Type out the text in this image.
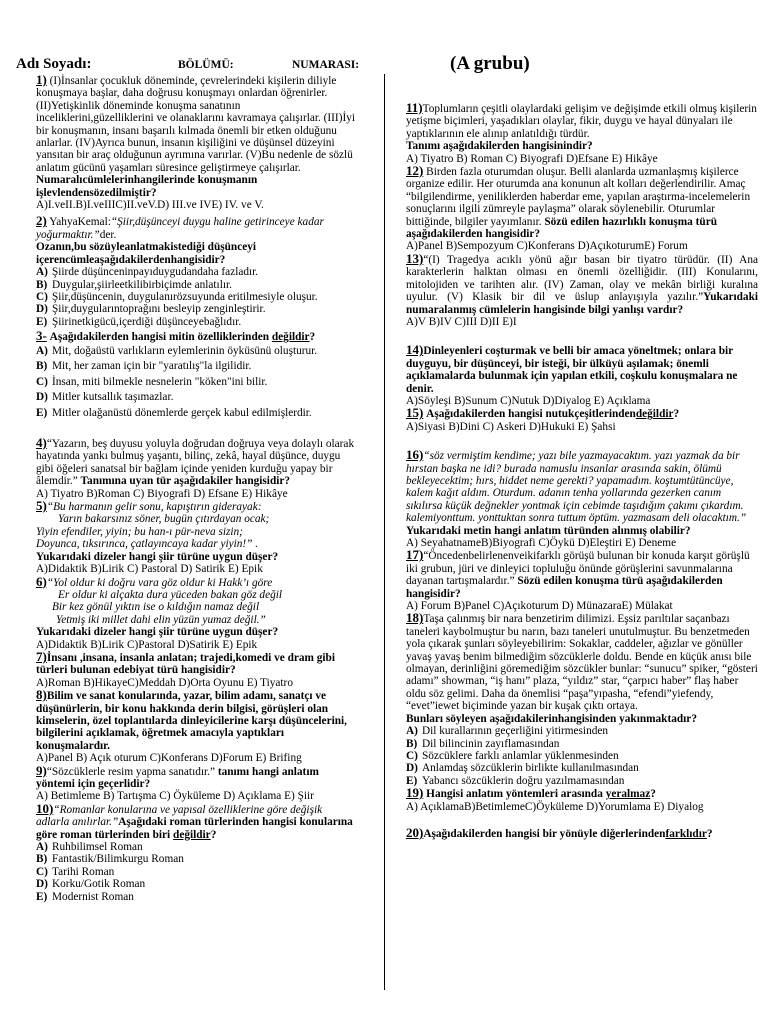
Adı Soyadı:	BÖLÜMÜ:	NUMARASI:	(A grubu)

1) (I)İnsanlar çocukluk döneminde, çevrelerindeki kişilerin diliyle konuşmaya başlar, daha doğrusu konuşmayı onlardan öğrenirler. (II)Yetişkinlik döneminde konuşma sanatının inceliklerini,güzelliklerini ve olanaklarını kavramaya çalışırlar. (III)İyi bir konuşmanın, insanı başarılı kılmada önemli bir etken olduğunu anlarlar. (IV)Ayrıca bunun, insanın kişiliğini ve düşünsel düzeyini yansıtan bir araç olduğunun ayrımına varırlar. (V)Bu nedenle de sözlü anlatım gücünü yaşamları süresince geliştirmeye çalışırlar.

Numaralıcümlelerinhangilerinde konuşmanın işlevlendensözedilmiştir?

A)I.veII.B)I.veIIIC)II.veV.D) III.ve IVE) IV. ve V.

2) YahyaKemal:“Şiir,düşünceyi duygu haline getirinceye kadar yoğurmaktır.”der.

Ozanın,bu sözüyleanlatmakistediği düşünceyi içerencümleaşağıdakilerdenhangisidir?

A) Şiirde düşünceninpayıduygudandaha fazladır.
B) Duygular,şiirleetkilibirbiçimde anlatılır.
C) Şiir,düşüncenin, duygulanırözsuyunda eritilmesiyle oluşur.
D) Şiir,duygularıntoprağını besleyip zenginleştirir.
E) Şiirinetkigücü,içerdiği düşünceyebağlıdır.

3- Aşağıdakilerden hangisi mitin özelliklerinden değildir?

A) Mit, doğaüstü varlıkların eylemlerinin öyküsünü oluşturur.
B) Mit, her zaman için bir "yaratılış"la ilgilidir.
C) İnsan, miti bilmekle nesnelerin "köken"ini bilir.
D) Mitler kutsallık taşımazlar.
E) Mitler olağanüstü dönemlerde gerçek kabul edilmişlerdir.

4)“Yazarın, beş duyusu yoluyla doğrudan doğruya veya dolaylı olarak hayatında yankı bulmuş yaşantı, bilinç, zekâ, hayal düşünce, duygu gibi öğeleri sanatsal bir bağlam içinde yeniden kurduğu yapay bir âlemdir.” Tanımına uyan tür aşağıdakiler hangisidir?

A) Tiyatro B)Roman C) Biyografi D) Efsane E) Hikâye

5)“Bu harmanın gelir sonu, kapıştırın giderayak:

Yarın bakarsınız söner, bugün çıtırdayan ocak;

Yiyin efendiler, yiyin; bu han-ı pür-neva sizin;

Doyunca, tıksırınca, çatlayıncaya kadar yiyin!” .

Yukarıdaki dizeler hangi şiir türüne uygun düşer?

A)Didaktik B)Lirik C) Pastoral D) Satirik E) Epik

6)“Yol oldur ki doğru vara göz oldur ki Hakk’ı göre

Er oldur ki alçakta dura yüceden bakan göz değil

Bir kez gönül yıktın ise o kıldığın namaz değil

Yetmiş iki millet dahi elin yüzün yumaz değil.”

Yukarıdaki dizeler hangi şiir türüne uygun düşer?

A)Didaktik B)Lirik C)Pastoral D)Satirik E) Epik

7)İnsanı ,insana, insanla anlatan; trajedi,komedi ve dram gibi türleri bulunan edebiyat türü hangisidir?

A)Roman B)HikayeC)Meddah D)Orta Oyunu E) Tiyatro

8)Bilim ve sanat konularında, yazar, bilim adamı, sanatçı ve düşünürlerin, bir konu hakkında derin bilgisi, görüşleri olan kimselerin, özel toplantılarda dinleyicilerine karşı düşüncelerini, bilgilerini açıklamak, öğretmek amacıyla yaptıkları konuşmalardır.

A)Panel B) Açık oturum C)Konferans D)Forum E) Brifing

9)“Sözcüklerle resim yapma sanatıdır.” tanımı hangi anlatım yöntemi için geçerlidir?

A) Betimleme B) Tartışma C) Öyküleme D) Açıklama E) Şiir

10)“Romanlar konularına ve yapısal özelliklerine göre değişik adlarla anılırlar.”Aşağıdaki roman türlerinden hangisi konularına göre roman türlerinden biri değildir?

A) Ruhbilimsel Roman
B) Fantastik/Bilimkurgu Roman
C) Tarihi Roman
D) Korku/Gotik Roman
E) Modernist Roman

11)Toplumların çeşitli olaylardaki gelişim ve değişimde etkili olmuş kişilerin yetişme biçimleri, yaşadıkları olaylar, fikir, duygu ve hayal dünyaları ile yaptıklarının ele alınıp anlatıldığı türdür.

Tanımı aşağıdakilerden hangisinindir?

A) Tiyatro B) Roman C) Biyografi D)Efsane E) Hikâye

12) Birden fazla oturumdan oluşur. Belli alanlarda uzmanlaşmış kişilerce organize edilir. Her oturumda ana konunun alt kolları değerlendirilir. Amaç “bilgilendirme, yeniliklerden haberdar eme, yapılan araştırma-incelemelerin sonuçlarını ilgili zümreyle paylaşma” olarak söylenebilir. Oturumlar bittiğinde, bilgiler yayımlanır. Sözü edilen hazırlıklı konuşma türü aşağıdakilerden hangisidir?

A)Panel B)Sempozyum C)Konferans D)AçıkoturumE) Forum

13)“(I) Tragedya acıklı yönü ağır basan bir tiyatro türüdür. (II) Ana karakterlerin halktan olması en önemli özelliğidir. (III) Konularını, mitolojiden ve tarihten alır. (IV) Zaman, olay ve mekân birliği kuralına uyulur. (V) Klasik bir dil ve üslup anlayışıyla yazılır.”Yukarıdaki numaralanmış cümlelerin hangisinde bilgi yanlışı vardır?

A)V B)IV C)III D)II E)I

14)Dinleyenleri coşturmak ve belli bir amaca yöneltmek; onlara bir duyguyu, bir düşünceyi, bir isteği, bir ülküyü aşılamak; önemli açıklamalarda bulunmak için yapılan etkili, coşkulu konuşmalara ne denir.

A)Söyleşi B)Sunum C)Nutuk D)Diyalog E) Açıklama

15) Aşağıdakilerden hangisi nutukçeşitlerindendeğildir?

A)Siyasi B)Dini C) Askeri D)Hukuki E) Şahsi

16)“söz vermiştim kendime; yazı bile yazmayacaktım. yazı yazmak da bir hırstan başka ne idi? burada namuslu insanlar arasında sakin, ölümü bekleyecektim; hırs, hiddet neme gerekti? yapamadım. koştumtütüncüye, kalem kağıt aldım. Oturdum. adanın tenha yollarında gezerken canım sıkılırsa küçük değnekler yontmak için cebimde taşıdığım çakımı çıkardım. kalemiyonttum. yonttuktan sonra tuttum öptüm. yazmasam deli olacaktım.” Yukarıdaki metin hangi anlatım türünden alınmış olabilir?

A) SeyahatnameB)Biyografi C)Öykü D)Eleştiri E) Deneme

17)“Öncedenbelirlenenveikifarklı görüşü bulunan bir konuda karşıt görüşlü iki grubun, jüri ve dinleyici topluluğu önünde görüşlerini savunmalarına dayanan tartışmalardır.” Sözü edilen konuşma türü aşağıdakilerden hangisidir?

A) Forum B)Panel C)Açıkoturum D) MünazaraE) Mülakat

18)Taşa çalınmış bir nara benzetirim dilimizi. Eşsiz parıltılar saçanbazı taneleri kaybolmuştur bu narın, bazı taneleri unutulmuştur. Bu benzetmeden yola çıkarak şunları söyleyebilirim: Sokaklar, caddeler, ağızlar ve gönüller yavaş yavaş benim bilmediğim sözcüklerle doldu. Bende en küçük anısı bile olmayan, derinliğini göremediğim sözcükler bunlar: “sunucu” spiker, “gösteri adamı” showman, “iş hanı” plaza, “yıldız” star, “çarpıcı haber” flaş haber oldu söz gelimi. Daha da önemlisi “paşa”yıpasha, “efendi”yiefendy, “evet”iewet biçiminde yazan bir kuşak çıktı ortaya.

Bunları söyleyen aşağıdakilerinhangisinden yakınmaktadır?

A) Dil kurallarının geçerliğini yitirmesinden
B) Dil bilincinin zayıflamasından
C) Sözcüklere farklı anlamlar yüklenmesinden
D) Anlamdaş sözcüklerin birlikte kullanılmasından
E) Yabancı sözcüklerin doğru yazılmamasından

19) Hangisi anlatım yöntemleri arasında yeralmaz?

A) AçıklamaB)BetimlemeC)Öyküleme D)Yorumlama E) Diyalog

20)Aşağıdakilerden hangisi bir yönüyle diğerlerindenfarklıdır?
